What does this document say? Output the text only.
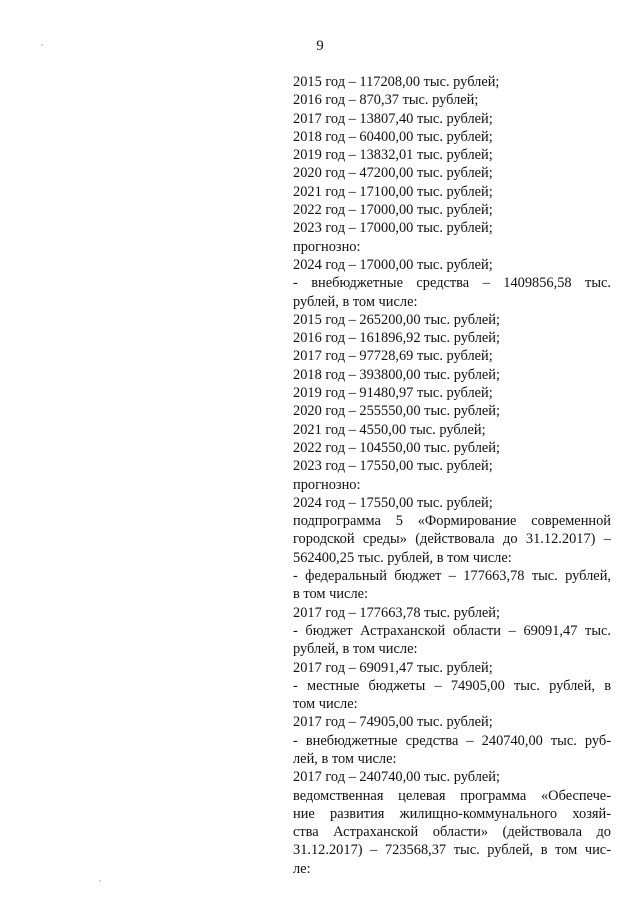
9
2015 год – 117208,00 тыс. рублей;
2016 год – 870,37 тыс. рублей;
2017 год – 13807,40 тыс. рублей;
2018 год – 60400,00 тыс. рублей;
2019 год – 13832,01 тыс. рублей;
2020 год – 47200,00 тыс. рублей;
2021 год – 17100,00 тыс. рублей;
2022 год – 17000,00 тыс. рублей;
2023 год – 17000,00 тыс. рублей;
прогнозно:
2024 год – 17000,00 тыс. рублей;
- внебюджетные средства – 1409856,58 тыс.
рублей, в том числе:
2015 год – 265200,00 тыс. рублей;
2016 год – 161896,92 тыс. рублей;
2017 год – 97728,69 тыс. рублей;
2018 год – 393800,00 тыс. рублей;
2019 год – 91480,97 тыс. рублей;
2020 год – 255550,00 тыс. рублей;
2021 год – 4550,00 тыс. рублей;
2022 год – 104550,00 тыс. рублей;
2023 год – 17550,00 тыс. рублей;
прогнозно:
2024 год – 17550,00 тыс. рублей;
подпрограмма 5 «Формирование современной
городской среды» (действовала до 31.12.2017) –
562400,25 тыс. рублей, в том числе:
- федеральный бюджет – 177663,78 тыс. рублей,
в том числе:
2017 год – 177663,78 тыс. рублей;
- бюджет Астраханской области – 69091,47 тыс.
рублей, в том числе:
2017 год – 69091,47 тыс. рублей;
- местные бюджеты – 74905,00 тыс. рублей, в
том числе:
2017 год – 74905,00 тыс. рублей;
- внебюджетные средства – 240740,00 тыс. руб-
лей, в том числе:
2017 год – 240740,00 тыс. рублей;
ведомственная целевая программа «Обеспече-
ние развития жилищно-коммунального хозяй-
ства Астраханской области» (действовала до
31.12.2017) – 723568,37 тыс. рублей, в том чис-
ле:
